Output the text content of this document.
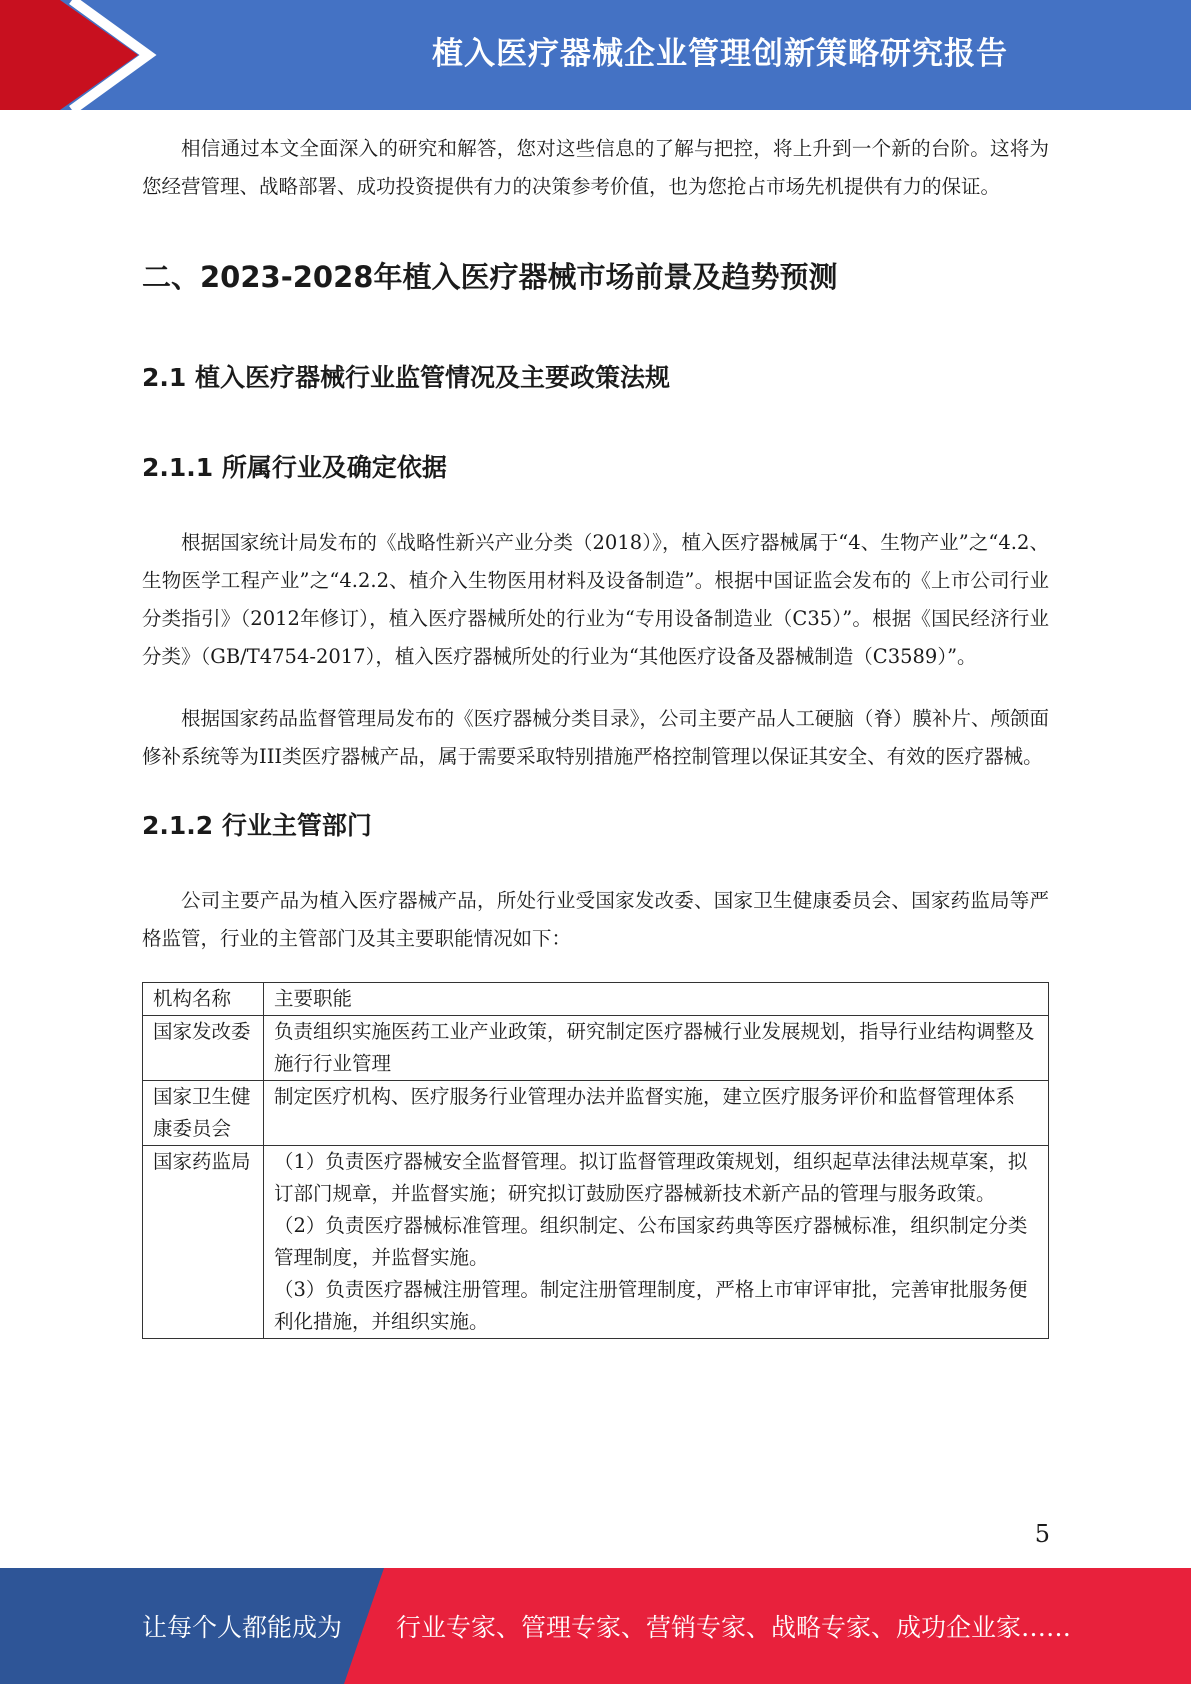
植入医疗器械企业管理创新策略研究报告

相信通过本文全面深入的研究和解答，您对这些信息的了解与把控，将上升到一个新的台阶。这将为您经营管理、战略部署、成功投资提供有力的决策参考价值，也为您抢占市场先机提供有力的保证。

二、2023-2028年植入医疗器械市场前景及趋势预测
2.1 植入医疗器械行业监管情况及主要政策法规
2.1.1 所属行业及确定依据

根据国家统计局发布的《战略性新兴产业分类（2018）》，植入医疗器械属于“4、生物产业”之“4.2、生物医学工程产业”之“4.2.2、植介入生物医用材料及设备制造”。根据中国证监会发布的《上市公司行业分类指引》（2012年修订），植入医疗器械所处的行业为“专用设备制造业（C35）”。根据《国民经济行业分类》（GB/T4754-2017），植入医疗器械所处的行业为“其他医疗设备及器械制造（C3589）”。

根据国家药品监督管理局发布的《医疗器械分类目录》，公司主要产品人工硬脑（脊）膜补片、颅颌面修补系统等为III类医疗器械产品，属于需要采取特别措施严格控制管理以保证其安全、有效的医疗器械。

2.1.2 行业主管部门

公司主要产品为植入医疗器械产品，所处行业受国家发改委、国家卫生健康委员会、国家药监局等严格监管，行业的主管部门及其主要职能情况如下：

机构名称	主要职能
国家发改委	负责组织实施医药工业产业政策，研究制定医疗器械行业发展规划，指导行业结构调整及施行行业管理

国家卫生健康委员会	制定医疗机构、医疗服务行业管理办法并监督实施，建立医疗服务评价和监督管理体系

国家药监局	（1）负责医疗器械安全监督管理。拟订监督管理政策规划，组织起草法律法规草案，拟订部门规章，并监督实施；研究拟订鼓励医疗器械新技术新产品的管理与服务政策。
（2）负责医疗器械标准管理。组织制定、公布国家药典等医疗器械标准，组织制定分类管理制度，并监督实施。
（3）负责医疗器械注册管理。制定注册管理制度，严格上市审评审批，完善审批服务便利化措施，并组织实施。
5
让每个人都能成为 行业专家、管理专家、营销专家、战略专家、成功企业家……
